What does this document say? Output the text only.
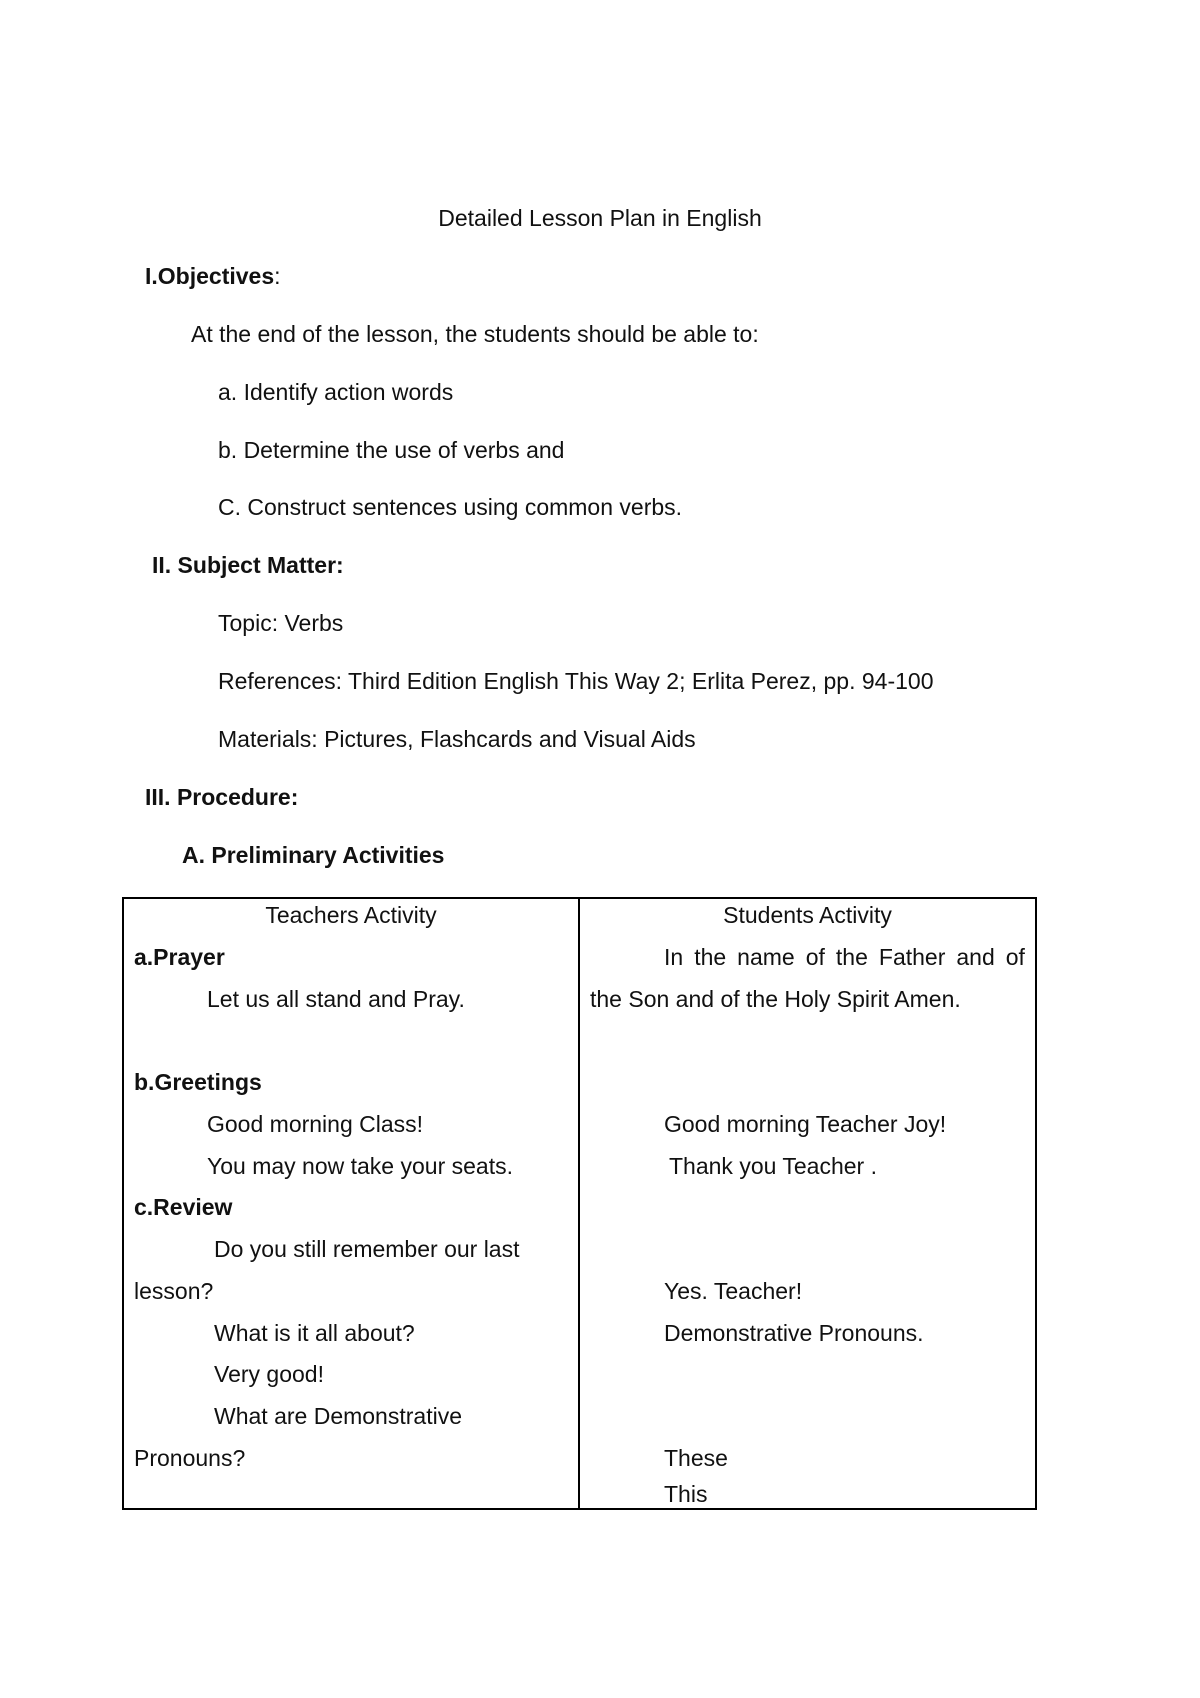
Detailed Lesson Plan in English
I.Objectives:
At the end of the lesson, the students should be able to:
a. Identify action words
b. Determine the use of verbs and
C. Construct sentences using common verbs.
II. Subject Matter:
Topic: Verbs
References: Third Edition English This Way 2; Erlita Perez, pp. 94-100
Materials: Pictures, Flashcards and Visual Aids
III. Procedure:
A. Preliminary Activities
Teachers Activity
a.Prayer
Let us all stand and Pray.
b.Greetings
Good morning Class!
You may now take your seats.
c.Review
Do you still remember our last
lesson?
What is it all about?
Very good!
What are Demonstrative
Pronouns?
Students Activity
In the name of the Father and of
the Son and of the Holy Spirit Amen.
Good morning Teacher Joy!
Thank you Teacher .
Yes. Teacher!
Demonstrative Pronouns.
These
This
